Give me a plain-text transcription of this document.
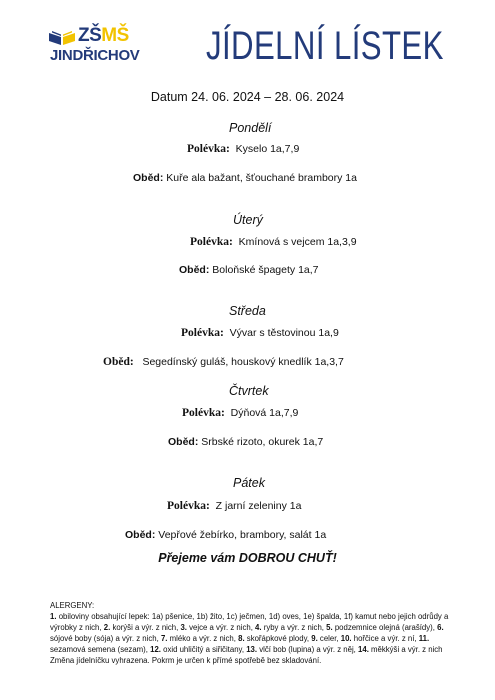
ZŠMŠ
JINDŘICHOV JÍDELNÍ LÍSTEK
Datum 24. 06. 2024 – 28. 06. 2024
Pondělí
Polévka: Kyselo 1a,7,9
Oběd: Kuře ala bažant, šťouchané brambory 1a
Úterý
Polévka: Kmínová s vejcem 1a,3,9
Oběd: Boloňské špagety 1a,7
Středa
Polévka: Vývar s těstovinou 1a,9
Oběd: Segedínský guláš, houskový knedlík 1a,3,7
Čtvrtek
Polévka: Dýňová 1a,7,9
Oběd: Srbské rizoto, okurek 1a,7
Pátek
Polévka: Z jarní zeleniny 1a
Oběd: Vepřové žebírko, brambory, salát 1a
Přejeme vám DOBROU CHUŤ!
ALERGENY:
1. obiloviny obsahující lepek: 1a) pšenice, 1b) žito, 1c) ječmen, 1d) oves, 1e) špalda, 1f) kamut nebo jejich odrůdy a výrobky z nich, 2. korýši a výr. z nich, 3. vejce a výr. z nich, 4. ryby a výr. z nich, 5. podzemnice olejná (arašídy), 6. sójové boby (sója) a výr. z nich, 7. mléko a výr. z nich, 8. skořápkové plody, 9. celer, 10. hořčice a výr. z ní, 11. sezamová semena (sezam), 12. oxid uhličitý a siřičitany, 13. vlčí bob (lupina) a výr. z něj, 14. měkkýši a výr. z nich
Změna jídelníčku vyhrazena. Pokrm je určen k přímé spotřebě bez skladování.
